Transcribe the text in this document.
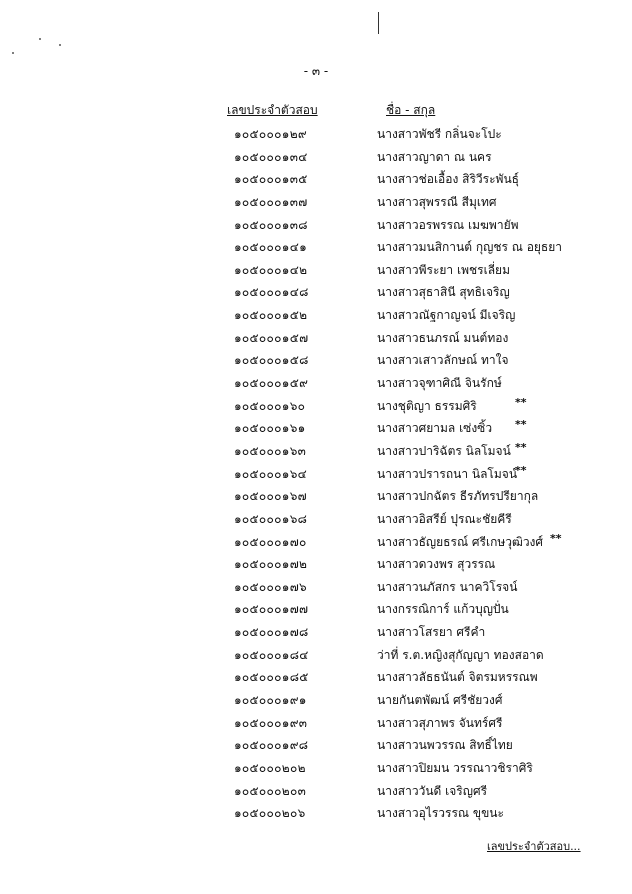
- ๓ -
เลขประจำตัวสอบ	ชื่อ - สกุล
๑๐๕๐๐๐๑๒๙	นางสาวพัชรี กลิ่นจะโปะ
๑๐๕๐๐๐๑๓๔	นางสาวญาดา ณ นคร
๑๐๕๐๐๐๑๓๕	นางสาวช่อเอื้อง สิริวีระพันธุ์
๑๐๕๐๐๐๑๓๗	นางสาวสุพรรณี สีมุเทศ
๑๐๕๐๐๐๑๓๘	นางสาวอรพรรณ เมฆพายัพ
๑๐๕๐๐๐๑๔๑	นางสาวมนสิกานต์ กุญชร ณ อยุธยา
๑๐๕๐๐๐๑๔๒	นางสาวพีระยา เพชรเลี่ยม
๑๐๕๐๐๐๑๔๘	นางสาวสุธาสินี สุทธิเจริญ
๑๐๕๐๐๐๑๕๒	นางสาวณัฐกาญจน์ มีเจริญ
๑๐๕๐๐๐๑๕๗	นางสาวธนภรณ์ มนต์ทอง
๑๐๕๐๐๐๑๕๘	นางสาวเสาวลักษณ์ ทาใจ
๑๐๕๐๐๐๑๕๙	นางสาวจุฑาศิณี จินรักษ์
๑๐๕๐๐๐๑๖๐	นางชุติญา ธรรมศิริ	**
๑๐๕๐๐๐๑๖๑	นางสาวศยามล เซ่งซิ้ว **
๑๐๕๐๐๐๑๖๓	นางสาวปาริฉัตร นิลโมจน์ **
๑๐๕๐๐๐๑๖๔	นางสาวปรารถนา นิลโมจน์
**
๑๐๕๐๐๐๑๖๗	นางสาวปกฉัตร ธีรภัทรปรียากุล
๑๐๕๐๐๐๑๖๘	นางสาวอิสรีย์ ปุรณะชัยคีรี
๑๐๕๐๐๐๑๗๐	นางสาวธัญยธรณ์ ศรีเกษวุฒิวงศ์ **
๑๐๕๐๐๐๑๗๒	นางสาวดวงพร สุวรรณ
๑๐๕๐๐๐๑๗๖	นางสาวนภัสกร นาควิโรจน์
๑๐๕๐๐๐๑๗๗	นางกรรณิการ์ แก้วบุญปั่น
๑๐๕๐๐๐๑๗๘	นางสาวโสรยา ศรีคำ
๑๐๕๐๐๐๑๘๔	ว่าที่ ร.ต.หญิงสุกัญญา ทองสอาด
๑๐๕๐๐๐๑๘๕	นางสาวลัธธนันต์ จิตรมหรรณพ
๑๐๕๐๐๐๑๙๑	นายกันตพัฒน์ ศรีชัยวงศ์
๑๐๕๐๐๐๑๙๓	นางสาวสุภาพร จันทร์ศรี
๑๐๕๐๐๐๑๙๘	นางสาวนพวรรณ สิทธิ์ไทย
๑๐๕๐๐๐๒๐๒	นางสาวปิยมน วรรณาวชิราศิริ
๑๐๕๐๐๐๒๐๓	นางสาววันดี เจริญศรี
๑๐๕๐๐๐๒๐๖	นางสาวอุไรวรรณ ขุขนะ
เลขประจำตัวสอบ...
